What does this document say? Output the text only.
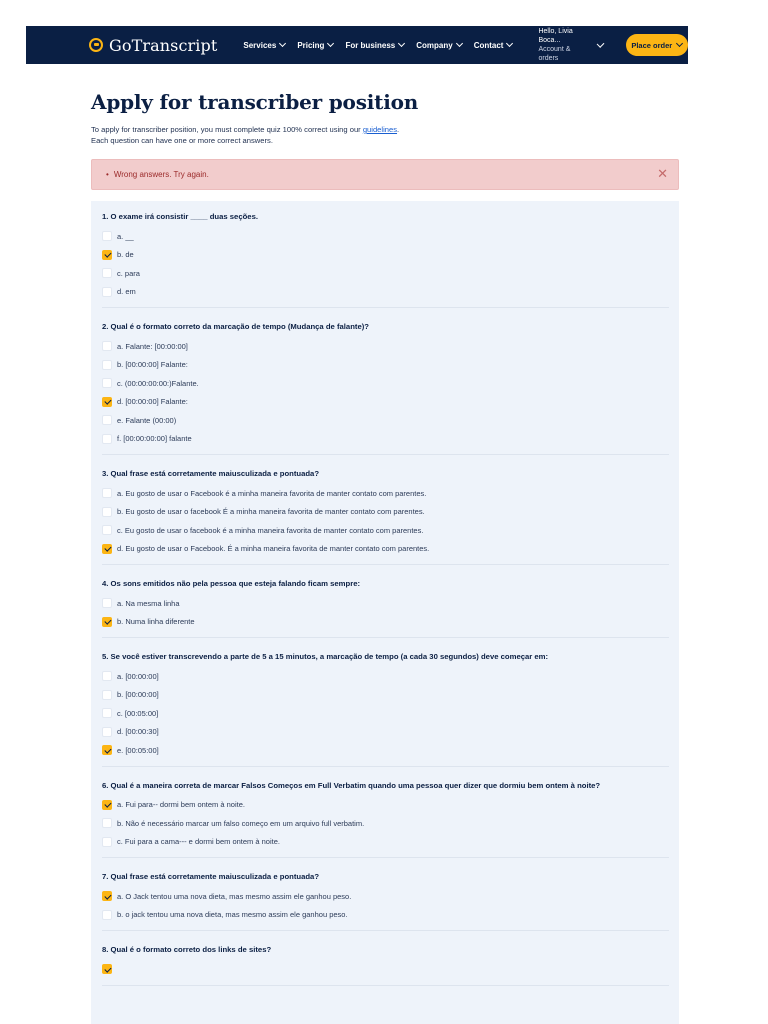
GoTranscript	Services	Pricing	For business	Company	Contact
Hello, Livia Boca...
Account & orders
Place order
Apply for transcriber position

To apply for transcriber position, you must complete quiz 100% correct using our guidelines.
Each question can have one or more correct answers.

• Wrong answers. Try again.	✕
1. O exame irá consistir ____ duas seções.
a. __
b. de
c. para
d. em
2. Qual é o formato correto da marcação de tempo (Mudança de falante)?
a. Falante: [00:00:00]
b. [00:00:00] Falante:
c. (00:00:00:00:)Falante.
d. [00:00:00] Falante:
e. Falante (00:00)
f. [00:00:00:00] falante
3. Qual frase está corretamente maiusculizada e pontuada?
a. Eu gosto de usar o Facebook é a minha maneira favorita de manter contato com parentes.
b. Eu gosto de usar o facebook É a minha maneira favorita de manter contato com parentes.
c. Eu gosto de usar o facebook é a minha maneira favorita de manter contato com parentes.
d. Eu gosto de usar o Facebook. É a minha maneira favorita de manter contato com parentes.
4. Os sons emitidos não pela pessoa que esteja falando ficam sempre:
a. Na mesma linha
b. Numa linha diferente
5. Se você estiver transcrevendo a parte de 5 a 15 minutos, a marcação de tempo (a cada 30 segundos) deve começar em:
a. [00:00:00]
b. [00:00:00]
c. [00:05:00]
d. [00:00:30]
e. [00:05:00]
6. Qual é a maneira correta de marcar Falsos Começos em Full Verbatim quando uma pessoa quer dizer que dormiu bem ontem à noite?
a. Fui para-- dormi bem ontem à noite.
b. Não é necessário marcar um falso começo em um arquivo full verbatim.
c. Fui para a cama--- e dormi bem ontem à noite.
7. Qual frase está corretamente maiusculizada e pontuada?
a. O Jack tentou uma nova dieta, mas mesmo assim ele ganhou peso.
b. o jack tentou uma nova dieta, mas mesmo assim ele ganhou peso.
8. Qual é o formato correto dos links de sites?
